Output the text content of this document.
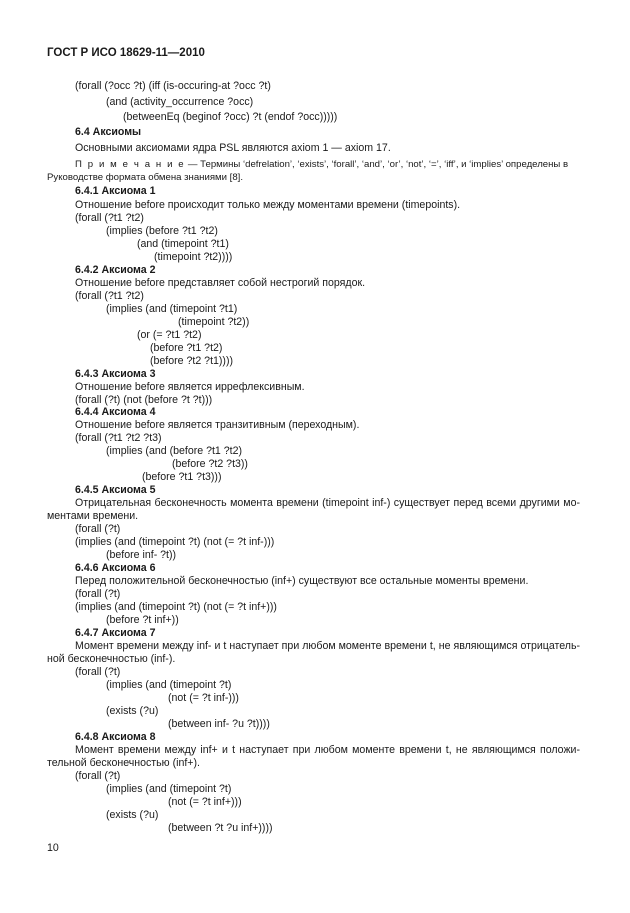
ГОСТ Р ИСО 18629-11—2010
(forall (?occ ?t) (iff (is-occuring-at ?occ ?t)
(and (activity_occurrence ?occ)
(betweenEq (beginof ?occ) ?t (endof ?occ)))))
6.4 Аксиомы
Основными аксиомами ядра PSL являются axiom 1 — axiom 17.
П р и м е ч а н и е — Термины ‘defrelation’, ‘exists’, ‘forall’, ‘and’, ‘or’, ‘not’, ‘=’, ‘iff’, и ‘implies’ определены в
Руководстве формата обмена знаниями [8].
6.4.1 Аксиома 1
Отношение before происходит только между моментами времени (timepoints).
(forall (?t1 ?t2)
(implies (before ?t1 ?t2)
(and (timepoint ?t1)
(timepoint ?t2))))
6.4.2 Аксиома 2
Отношение before представляет собой нестрогий порядок.
(forall (?t1 ?t2)
(implies (and (timepoint ?t1)
(timepoint ?t2))
(or (= ?t1 ?t2)
(before ?t1 ?t2)
(before ?t2 ?t1))))
6.4.3 Аксиома 3
Отношение before является иррефлексивным.
(forall (?t) (not (before ?t ?t)))
6.4.4 Аксиома 4
Отношение before является транзитивным (переходным).
(forall (?t1 ?t2 ?t3)
(implies (and (before ?t1 ?t2)
(before ?t2 ?t3))
(before ?t1 ?t3)))
6.4.5 Аксиома 5
Отрицательная бесконечность момента времени (timepoint inf-) существует перед всеми другими мо-
ментами времени.
(forall (?t)
(implies (and (timepoint ?t) (not (= ?t inf-)))
(before inf- ?t))
6.4.6 Аксиома 6
Перед положительной бесконечностью (inf+) существуют все остальные моменты времени.
(forall (?t)
(implies (and (timepoint ?t) (not (= ?t inf+)))
(before ?t inf+))
6.4.7 Аксиома 7
Момент времени между inf- и t наступает при любом моменте времени t, не являющимся отрицатель-
ной бесконечностью (inf-).
(forall (?t)
(implies (and (timepoint ?t)
(not (= ?t inf-)))
(exists (?u)
(between inf- ?u ?t))))
6.4.8 Аксиома 8
Момент времени между inf+ и t наступает при любом моменте времени t, не являющимся положи-
тельной бесконечностью (inf+).
(forall (?t)
(implies (and (timepoint ?t)
(not (= ?t inf+)))
(exists (?u)
(between ?t ?u inf+))))
10
